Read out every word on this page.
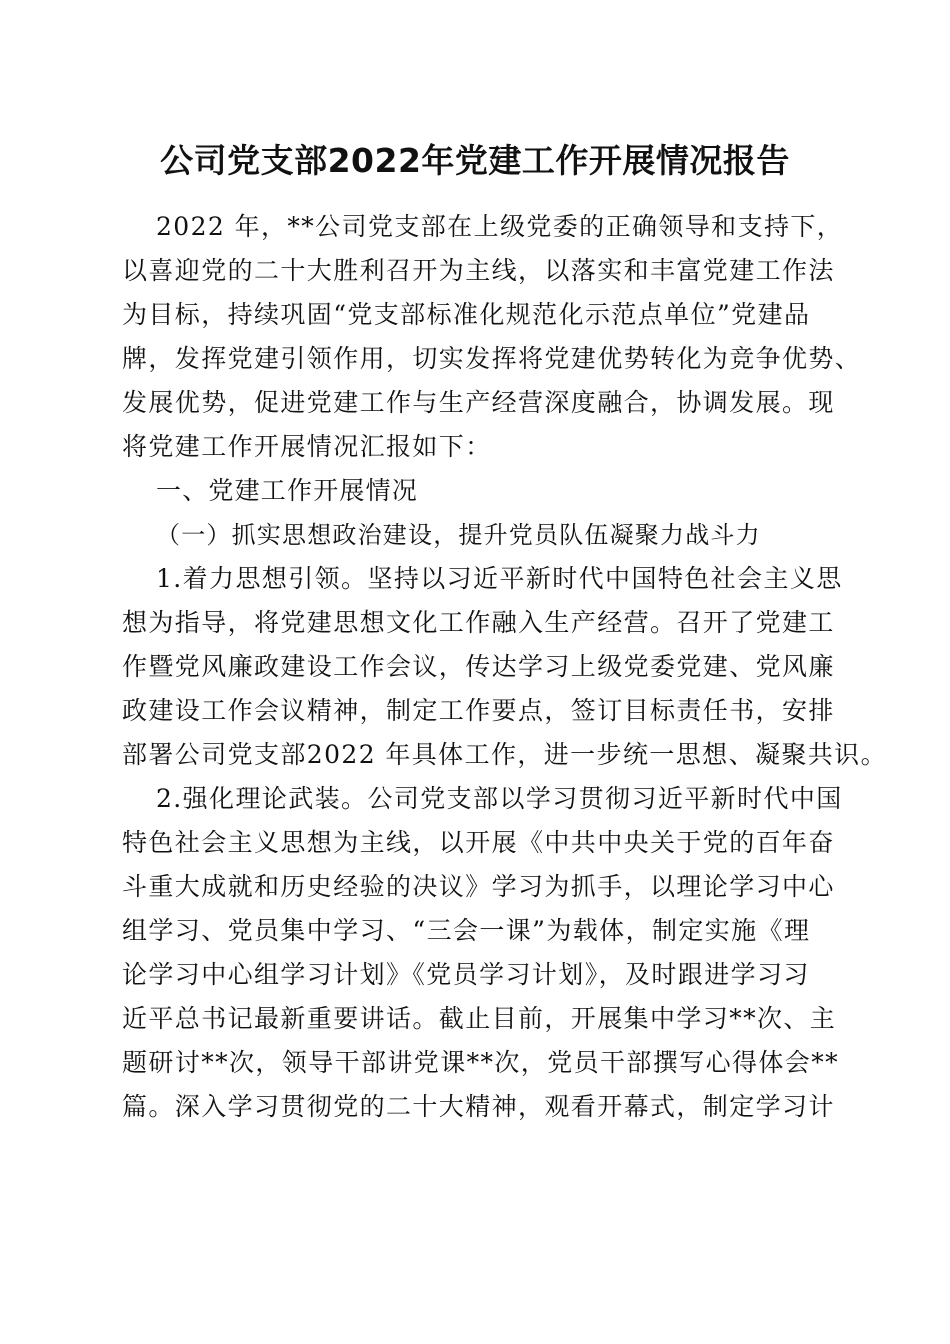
公司党支部2022年党建工作开展情况报告
2022 年，**公司党支部在上级党委的正确领导和支持下，
以喜迎党的二十大胜利召开为主线，以落实和丰富党建工作法
为目标，持续巩固“党支部标准化规范化示范点单位”党建品
牌，发挥党建引领作用，切实发挥将党建优势转化为竞争优势、
发展优势，促进党建工作与生产经营深度融合，协调发展。现
将党建工作开展情况汇报如下：
一、党建工作开展情况
（一）抓实思想政治建设，提升党员队伍凝聚力战斗力
1.着力思想引领。坚持以习近平新时代中国特色社会主义思
想为指导，将党建思想文化工作融入生产经营。召开了党建工
作暨党风廉政建设工作会议，传达学习上级党委党建、党风廉
政建设工作会议精神，制定工作要点，签订目标责任书，安排
部署公司党支部2022 年具体工作，进一步统一思想、凝聚共识。
2.强化理论武装。公司党支部以学习贯彻习近平新时代中国
特色社会主义思想为主线，以开展《中共中央关于党的百年奋
斗重大成就和历史经验的决议》学习为抓手，以理论学习中心
组学习、党员集中学习、“三会一课”为载体，制定实施《理
论学习中心组学习计划》《党员学习计划》，及时跟进学习习
近平总书记最新重要讲话。截止目前，开展集中学习**次、主
题研讨**次，领导干部讲党课**次，党员干部撰写心得体会**
篇。深入学习贯彻党的二十大精神，观看开幕式，制定学习计
